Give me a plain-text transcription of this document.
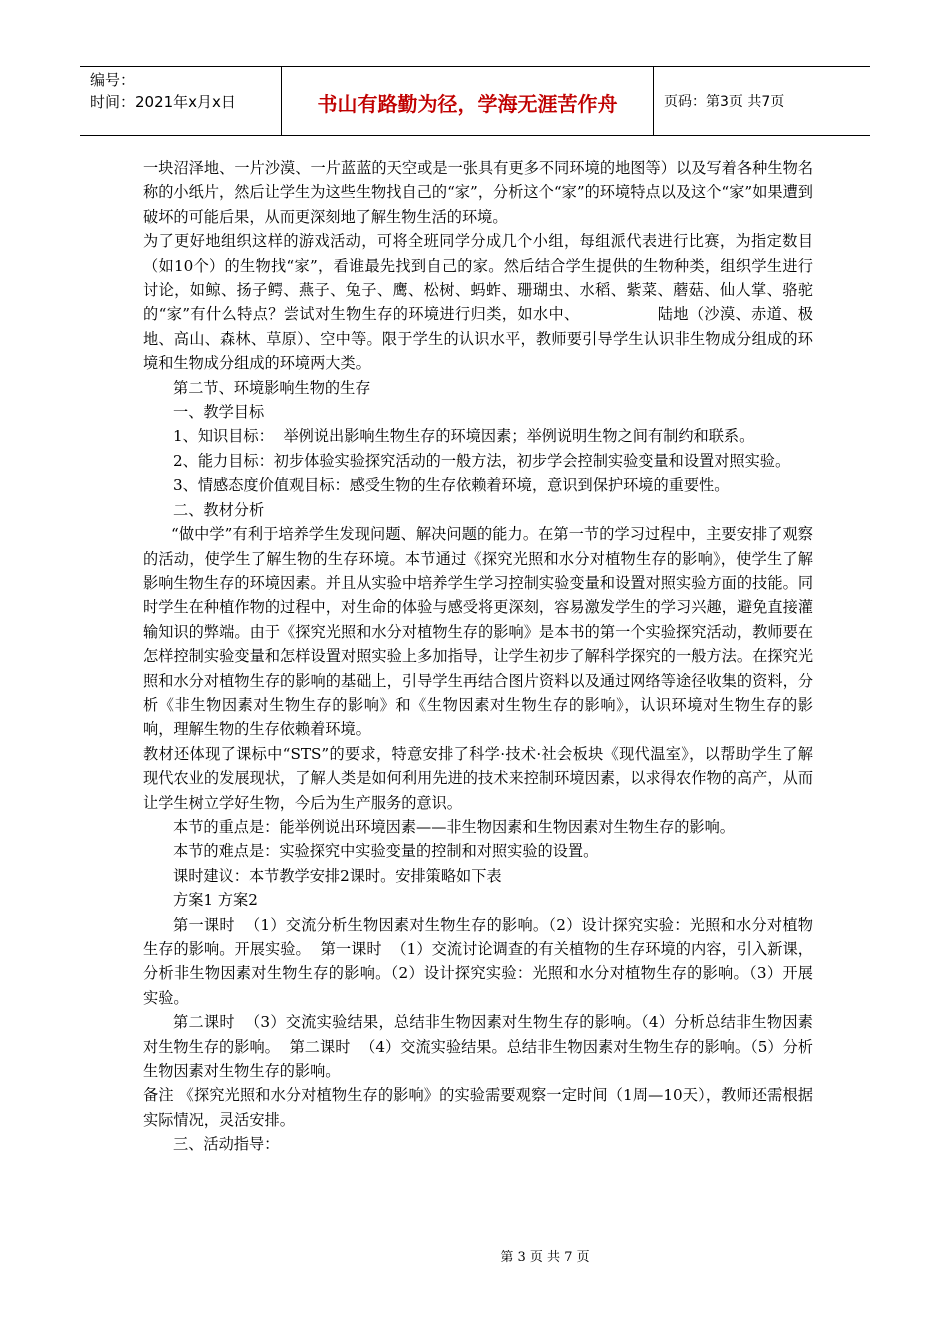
编号：
时间：2021年x月x日	书山有路勤为径，学海无涯苦作舟	页码：第3页 共7页

一块沼泽地、一片沙漠、一片蓝蓝的天空或是一张具有更多不同环境的地图等）以及写着各种生物名称的小纸片，然后让学生为这些生物找自己的“家”，分析这个“家”的环境特点以及这个“家”如果遭到破坏的可能后果，从而更深刻地了解生物生活的环境。

为了更好地组织这样的游戏活动，可将全班同学分成几个小组，每组派代表进行比赛，为指定数目（如10个）的生物找“家”，看谁最先找到自己的家。然后结合学生提供的生物种类，组织学生进行讨论，如鲸、扬子鳄、燕子、兔子、鹰、松树、蚂蚱、珊瑚虫、水稻、紫菜、蘑菇、仙人掌、骆驼的“家”有什么特点？尝试对生物生存的环境进行归类，如水中、               陆地（沙漠、赤道、极地、高山、森林、草原）、空中等。限于学生的认识水平，教师要引导学生认识非生物成分组成的环境和生物成分组成的环境两大类。

第二节、环境影响生物的生存

一、教学目标

1、知识目标：  举例说出影响生物生存的环境因素；举例说明生物之间有制约和联系。

2、能力目标：初步体验实验探究活动的一般方法，初步学会控制实验变量和设置对照实验。

3、情感态度价值观目标：感受生物的生存依赖着环境，意识到保护环境的重要性。

二、教材分析

“做中学”有利于培养学生发现问题、解决问题的能力。在第一节的学习过程中，主要安排了观察的活动，使学生了解生物的生存环境。本节通过《探究光照和水分对植物生存的影响》，使学生了解影响生物生存的环境因素。并且从实验中培养学生学习控制实验变量和设置对照实验方面的技能。同时学生在种植作物的过程中，对生命的体验与感受将更深刻，容易激发学生的学习兴趣，避免直接灌输知识的弊端。由于《探究光照和水分对植物生存的影响》是本书的第一个实验探究活动，教师要在怎样控制实验变量和怎样设置对照实验上多加指导，让学生初步了解科学探究的一般方法。在探究光照和水分对植物生存的影响的基础上，引导学生再结合图片资料以及通过网络等途径收集的资料，分析《非生物因素对生物生存的影响》和《生物因素对生物生存的影响》，认识环境对生物生存的影响，理解生物的生存依赖着环境。

教材还体现了课标中“STS”的要求，特意安排了科学·技术·社会板块《现代温室》，以帮助学生了解现代农业的发展现状，了解人类是如何利用先进的技术来控制环境因素，以求得农作物的高产，从而让学生树立学好生物，今后为生产服务的意识。

本节的重点是：能举例说出环境因素——非生物因素和生物因素对生物生存的影响。

本节的难点是：实验探究中实验变量的控制和对照实验的设置。

课时建议：本节教学安排2课时。安排策略如下表

方案1 方案2

第一课时  （1）交流分析生物因素对生物生存的影响。（2）设计探究实验：光照和水分对植物生存的影响。开展实验。  第一课时  （1）交流讨论调查的有关植物的生存环境的内容，引入新课，分析非生物因素对生物生存的影响。（2）设计探究实验：光照和水分对植物生存的影响。（3）开展实验。

第二课时  （3）交流实验结果，总结非生物因素对生物生存的影响。（4）分析总结非生物因素对生物生存的影响。  第二课时  （4）交流实验结果。总结非生物因素对生物生存的影响。（5）分析生物因素对生物生存的影响。

备注 《探究光照和水分对植物生存的影响》的实验需要观察一定时间（1周—10天），教师还需根据实际情况，灵活安排。

三、活动指导：

第 3 页 共 7 页
